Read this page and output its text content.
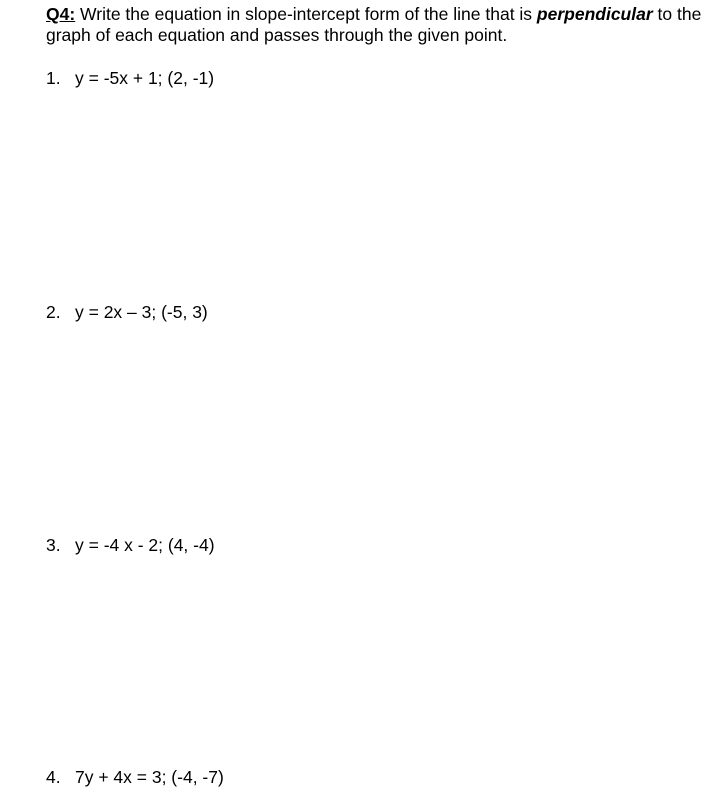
Q4: Write the equation in slope-intercept form of the line that is perpendicular to the graph of each equation and passes through the given point.

1. y = -5x + 1; (2, -1)
2. y = 2x – 3; (-5, 3)
3. y = -4 x - 2; (4, -4)
4. 7y + 4x = 3; (-4, -7)
